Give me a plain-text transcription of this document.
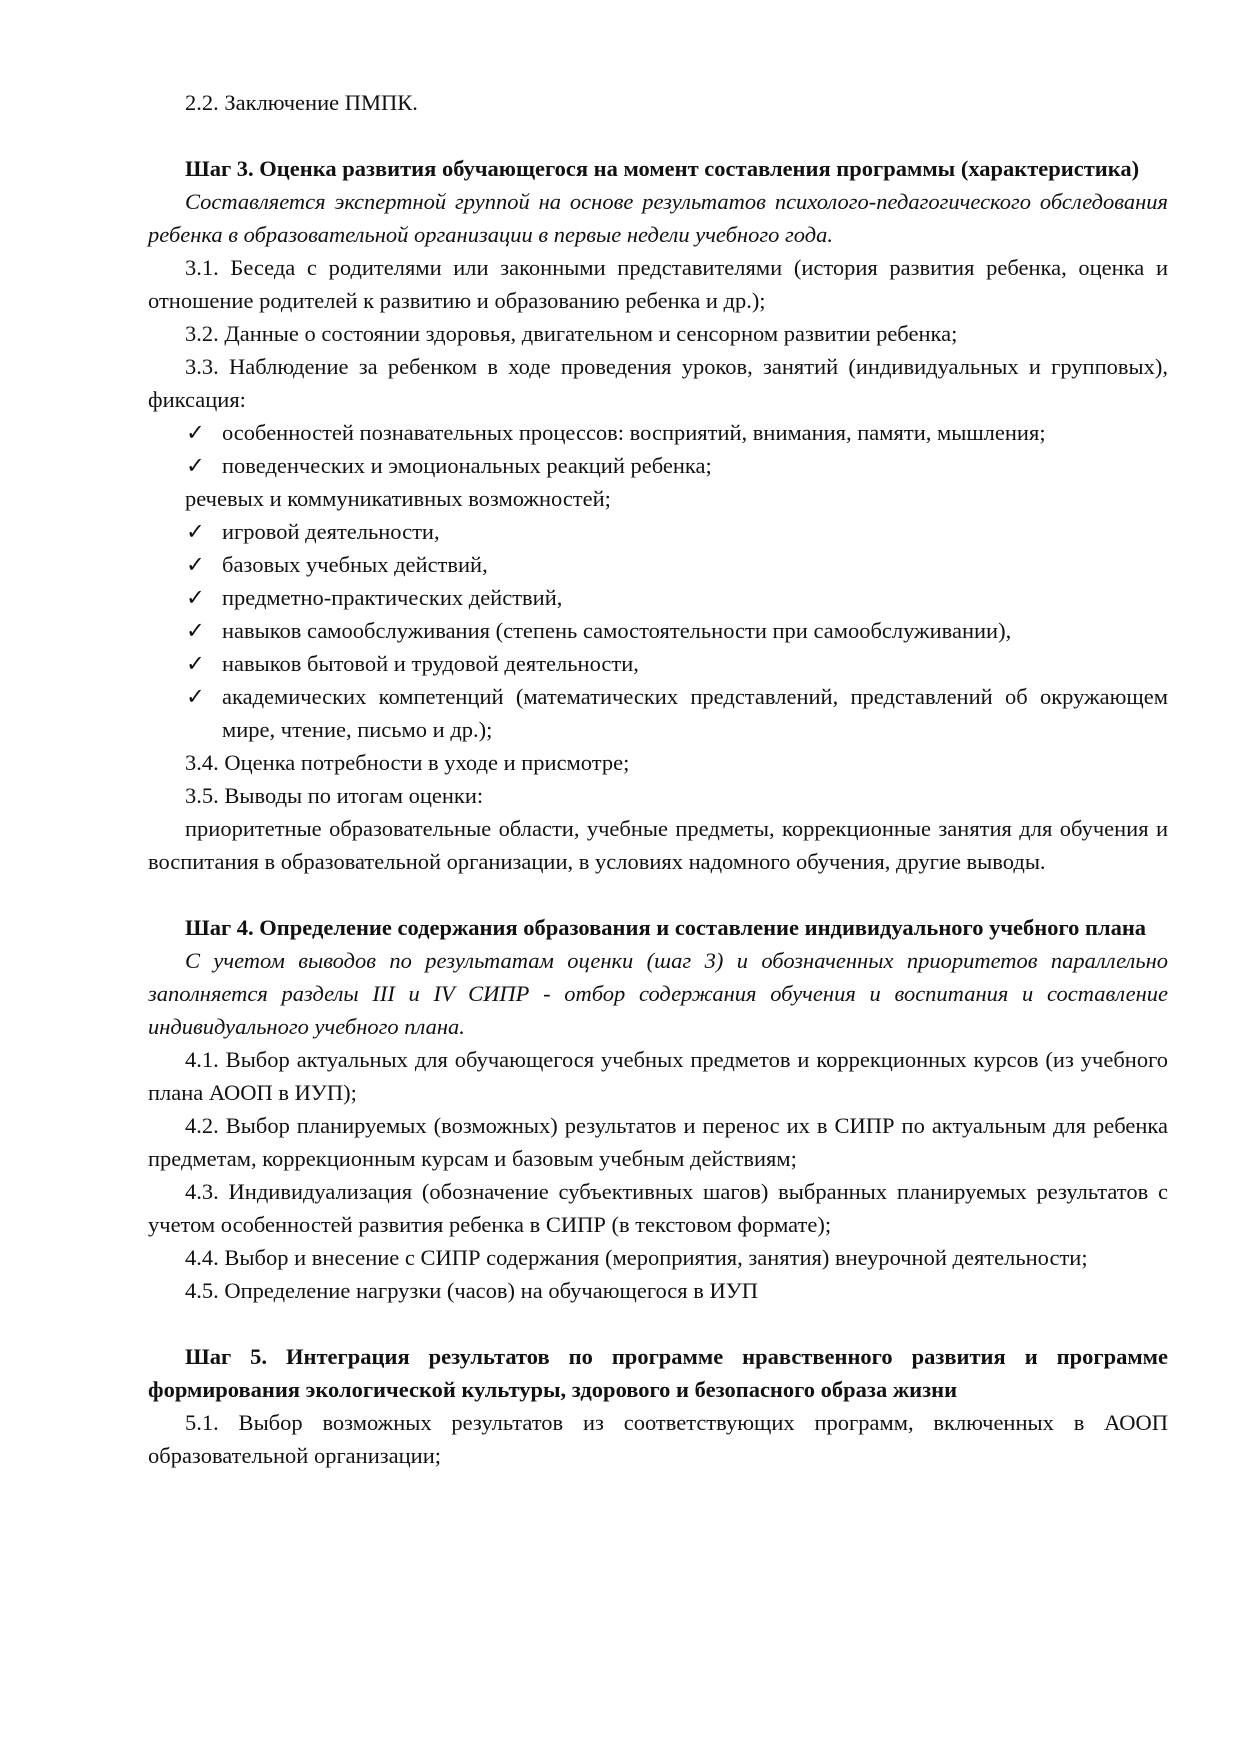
2.2. Заключение ПМПК.

Шаг 3. Оценка развития обучающегося на момент составления программы (характеристика)

Составляется экспертной группой на основе результатов психолого-педагогического обследования ребенка в образовательной организации в первые недели учебного года.

3.1. Беседа с родителями или законными представителями (история развития ребенка, оценка и отношение родителей к развитию и образованию ребенка и др.);

3.2. Данные о состоянии здоровья, двигательном и сенсорном развитии ребенка;

3.3. Наблюдение за ребенком в ходе проведения уроков, занятий (индивидуальных и групповых), фиксация:

✓ особенностей познавательных процессов: восприятий, внимания, памяти, мышления;

✓ поведенческих и эмоциональных реакций ребенка;

речевых и коммуникативных возможностей;

✓ игровой деятельности,

✓ базовых учебных действий,

✓ предметно-практических действий,

✓ навыков самообслуживания (степень самостоятельности при самообслуживании),

✓ навыков бытовой и трудовой деятельности,

✓ академических компетенций (математических представлений, представлений об окружающем мире, чтение, письмо и др.);

3.4. Оценка потребности в уходе и присмотре;

3.5. Выводы по итогам оценки:

приоритетные образовательные области, учебные предметы, коррекционные занятия для обучения и воспитания в образовательной организации, в условиях надомного обучения, другие выводы.

Шаг 4. Определение содержания образования и составление индивидуального учебного плана

С учетом выводов по результатам оценки (шаг 3) и обозначенных приоритетов параллельно заполняется разделы III и IV СИПР - отбор содержания обучения и воспитания и составление индивидуального учебного плана.

4.1. Выбор актуальных для обучающегося учебных предметов и коррекционных курсов (из учебного плана АООП в ИУП);

4.2. Выбор планируемых (возможных) результатов и перенос их в СИПР по актуальным для ребенка предметам, коррекционным курсам и базовым учебным действиям;

4.3. Индивидуализация (обозначение субъективных шагов) выбранных планируемых результатов с учетом особенностей развития ребенка в СИПР (в текстовом формате);

4.4. Выбор и внесение с СИПР содержания (мероприятия, занятия) внеурочной деятельности;

4.5. Определение нагрузки (часов) на обучающегося в ИУП

Шаг 5. Интеграция результатов по программе нравственного развития и программе формирования экологической культуры, здорового и безопасного образа жизни

5.1. Выбор возможных результатов из соответствующих программ, включенных в АООП образовательной организации;
